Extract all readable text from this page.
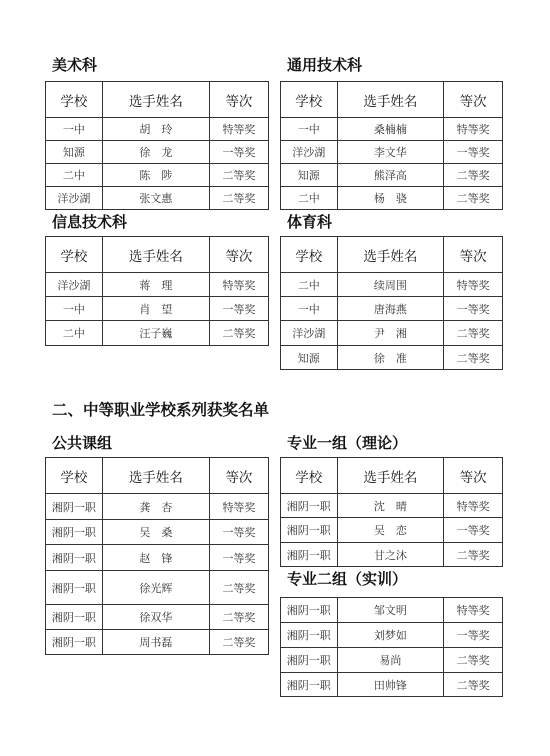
美术科	通用技术科
信息技术科	体育科
二、中等职业学校系列获奖名单
公共课组	专业一组（理论）
专业二组（实训）
学校	选手姓名	等次
一中	胡　玲	特等奖
知源	徐　龙	一等奖
二中	陈　陟	二等奖
洋沙湖	张文惠	二等奖
学校	选手姓名	等次
一中	桑楠楠	特等奖
洋沙湖	李文华	一等奖
知源	熊泽高	二等奖
二中	杨　骁	二等奖
学校	选手姓名	等次
洋沙湖	蒋　理	特等奖
一中	肖　望	一等奖
二中	汪子巍	二等奖
学校	选手姓名	等次
二中	续周围	特等奖
一中	唐海燕	一等奖
洋沙湖	尹　湘	二等奖
知源	徐　准	二等奖
学校	选手姓名	等次
湘阴一职	龚　杏	特等奖
湘阴一职	吴　桑	一等奖
湘阴一职	赵　锋	一等奖
湘阴一职	徐光辉	二等奖
湘阴一职	徐双华	二等奖
湘阴一职	周书磊	二等奖
学校	选手姓名	等次
湘阴一职	沈　晴	特等奖
湘阴一职	吴　恋	一等奖
湘阴一职	甘之沐	二等奖
湘阴一职	邹文明	特等奖
湘阴一职	刘梦如	一等奖
湘阴一职	易尚	二等奖
湘阴一职	田帅锋	二等奖
